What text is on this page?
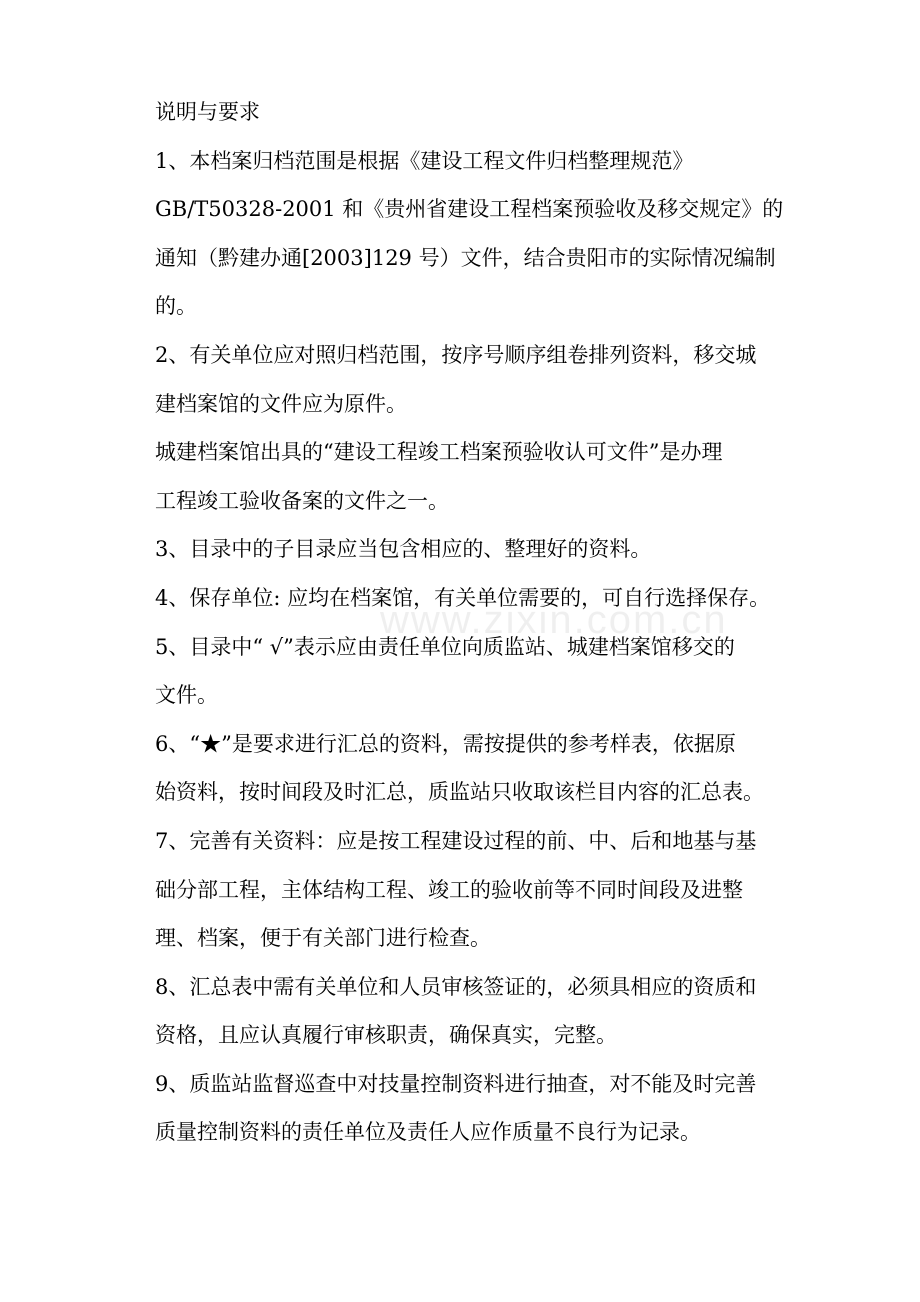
说明与要求

1、本档案归档范围是根据《建设工程文件归档整理规范》

GB/T50328-2001 和《贵州省建设工程档案预验收及移交规定》的

通知（黔建办通[2003]129 号）文件，结合贵阳市的实际情况编制

的。

2、有关单位应对照归档范围，按序号顺序组卷排列资料，移交城

建档案馆的文件应为原件。

城建档案馆出具的“建设工程竣工档案预验收认可文件”是办理

工程竣工验收备案的文件之一。

3、目录中的子目录应当包含相应的、整理好的资料。

4、保存单位: 应均在档案馆，有关单位需要的，可自行选择保存。

5、目录中“ √”表示应由责任单位向质监站、城建档案馆移交的

文件。

6、“★”是要求进行汇总的资料，需按提供的参考样表，依据原

始资料，按时间段及时汇总，质监站只收取该栏目内容的汇总表。

7、完善有关资料：应是按工程建设过程的前、中、后和地基与基

础分部工程，主体结构工程、竣工的验收前等不同时间段及进整

理、档案，便于有关部门进行检查。

8、汇总表中需有关单位和人员审核签证的，必须具相应的资质和

资格，且应认真履行审核职责，确保真实，完整。

9、质监站监督巡查中对技量控制资料进行抽查，对不能及时完善

质量控制资料的责任单位及责任人应作质量不良行为记录。

www.zixin.com.cn
